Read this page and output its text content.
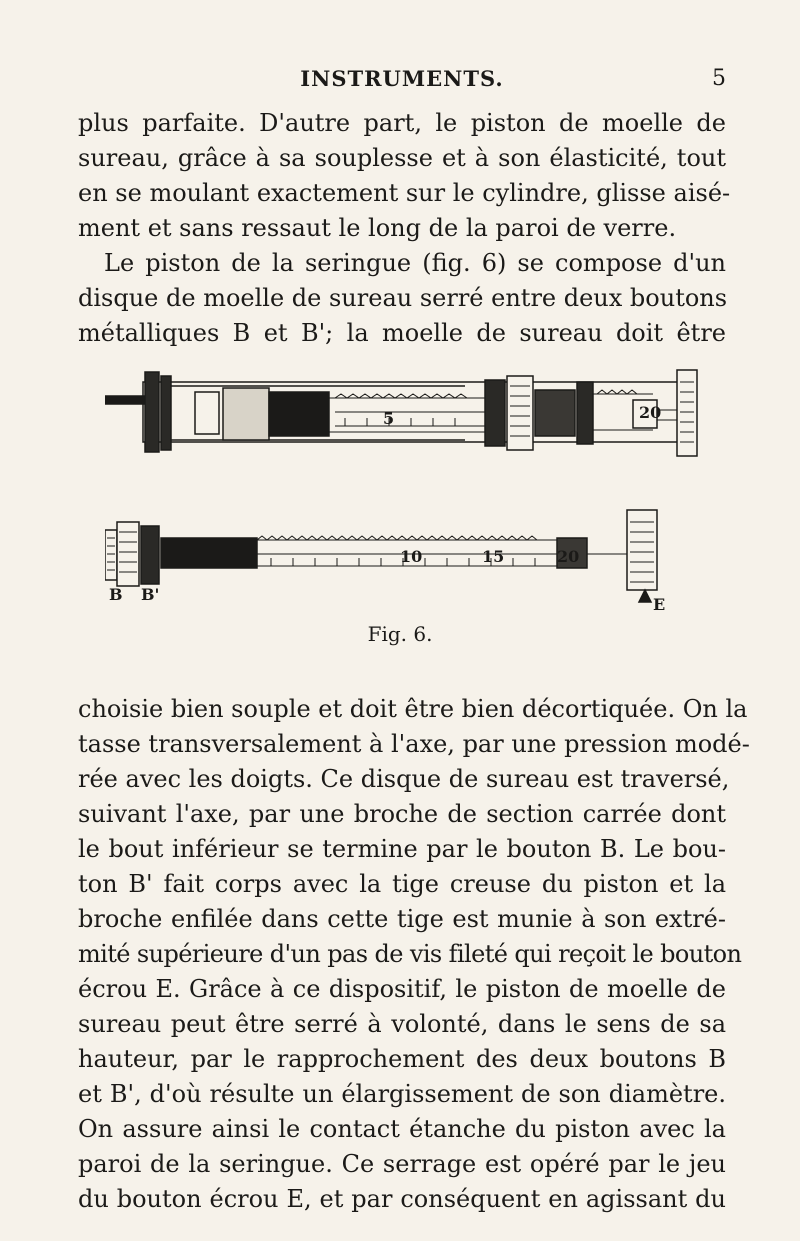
INSTRUMENTS.	5
plus parfaite. D'autre part, le piston de moelle de
sureau, grâce à sa souplesse et à son élasticité, tout
en se moulant exactement sur le cylindre, glisse aisé-
ment et sans ressaut le long de la paroi de verre.
Le piston de la seringue (fig. 6) se compose d'un
disque de moelle de sureau serré entre deux boutons
métalliques B et B'; la moelle de sureau doit être
5	20
10	15	20
B B'
E
Fig. 6.
choisie bien souple et doit être bien décortiquée. On la
tasse transversalement à l'axe, par une pression modé-
rée avec les doigts. Ce disque de sureau est traversé,
suivant l'axe, par une broche de section carrée dont
le bout inférieur se termine par le bouton B. Le bou-
ton B' fait corps avec la tige creuse du piston et la
broche enfilée dans cette tige est munie à son extré-
mité supérieure d'un pas de vis fileté qui reçoit le bouton
écrou E. Grâce à ce dispositif, le piston de moelle de
sureau peut être serré à volonté, dans le sens de sa
hauteur, par le rapprochement des deux boutons B
et B', d'où résulte un élargissement de son diamètre.
On assure ainsi le contact étanche du piston avec la
paroi de la seringue. Ce serrage est opéré par le jeu
du bouton écrou E, et par conséquent en agissant du
